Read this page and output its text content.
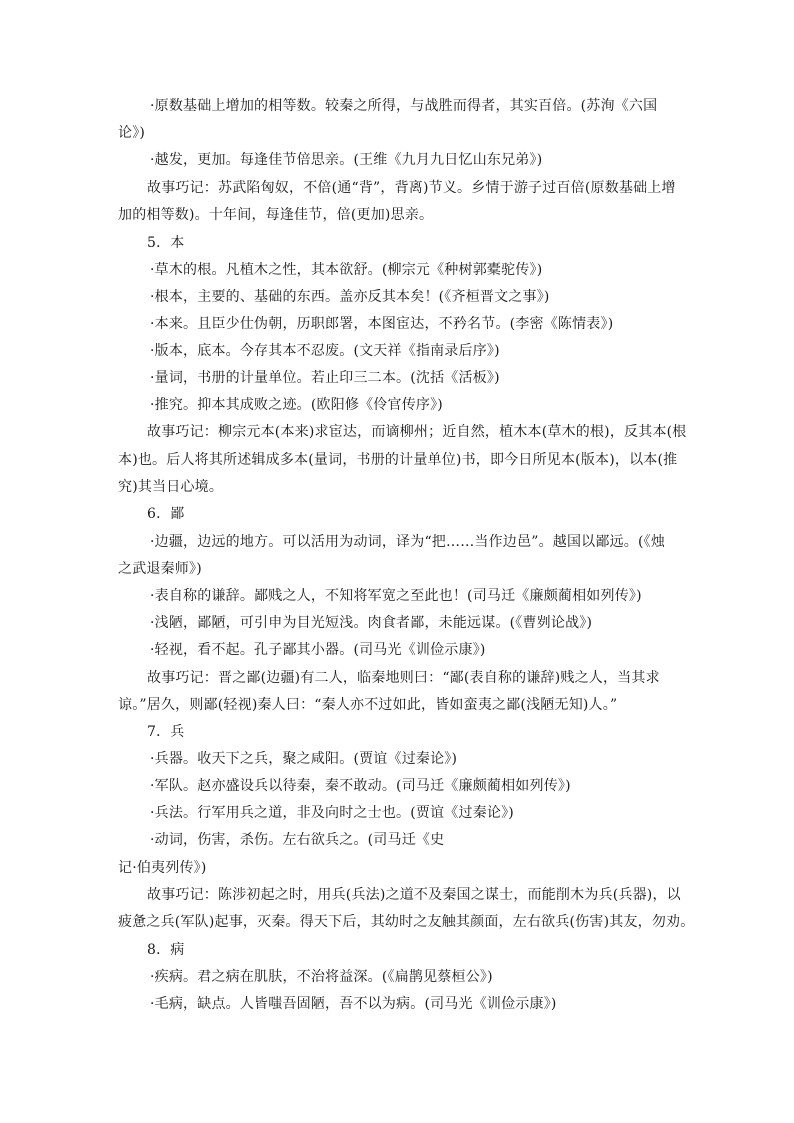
·原数基础上增加的相等数。较秦之所得，与战胜而得者，其实百倍。(苏洵《六国
论》)
·越发，更加。每逢佳节倍思亲。(王维《九月九日忆山东兄弟》)
故事巧记：苏武陷匈奴，不倍(通“背”，背离)节义。乡情于游子过百倍(原数基础上增
加的相等数)。十年间，每逢佳节，倍(更加)思亲。
5．本
·草木的根。凡植木之性，其本欲舒。(柳宗元《种树郭橐驼传》)
·根本，主要的、基础的东西。盖亦反其本矣！(《齐桓晋文之事》)
·本来。且臣少仕伪朝，历职郎署，本图宦达，不矜名节。(李密《陈情表》)
·版本，底本。今存其本不忍废。(文天祥《指南录后序》)
·量词，书册的计量单位。若止印三二本。(沈括《活板》)
·推究。抑本其成败之迹。(欧阳修《伶官传序》)
故事巧记：柳宗元本(本来)求宦达，而谪柳州；近自然，植木本(草木的根)，反其本(根
本)也。后人将其所述辑成多本(量词，书册的计量单位)书，即今日所见本(版本)，以本(推
究)其当日心境。
6．鄙
·边疆，边远的地方。可以活用为动词，译为“把……当作边邑”。越国以鄙远。(《烛
之武退秦师》)
·表自称的谦辞。鄙贱之人，不知将军宽之至此也！(司马迁《廉颇蔺相如列传》)
·浅陋，鄙陋，可引申为目光短浅。肉食者鄙，未能远谋。(《曹刿论战》)
·轻视，看不起。孔子鄙其小器。(司马光《训俭示康》)
故事巧记：晋之鄙(边疆)有二人，临秦地则曰：“鄙(表自称的谦辞)贱之人，当其求
谅。”居久，则鄙(轻视)秦人曰：“秦人亦不过如此，皆如蛮夷之鄙(浅陋无知)人。”
7．兵
·兵器。收天下之兵，聚之咸阳。(贾谊《过秦论》)
·军队。赵亦盛设兵以待秦，秦不敢动。(司马迁《廉颇蔺相如列传》)
·兵法。行军用兵之道，非及向时之士也。(贾谊《过秦论》)
·动词，伤害，杀伤。左右欲兵之。(司马迁《史
记·伯夷列传》)
故事巧记：陈涉初起之时，用兵(兵法)之道不及秦国之谋士，而能削木为兵(兵器)，以
疲惫之兵(军队)起事，灭秦。得天下后，其幼时之友触其颜面，左右欲兵(伤害)其友，勿劝。
8．病
·疾病。君之病在肌肤，不治将益深。(《扁鹊见蔡桓公》)
·毛病，缺点。人皆嗤吾固陋，吾不以为病。(司马光《训俭示康》)
